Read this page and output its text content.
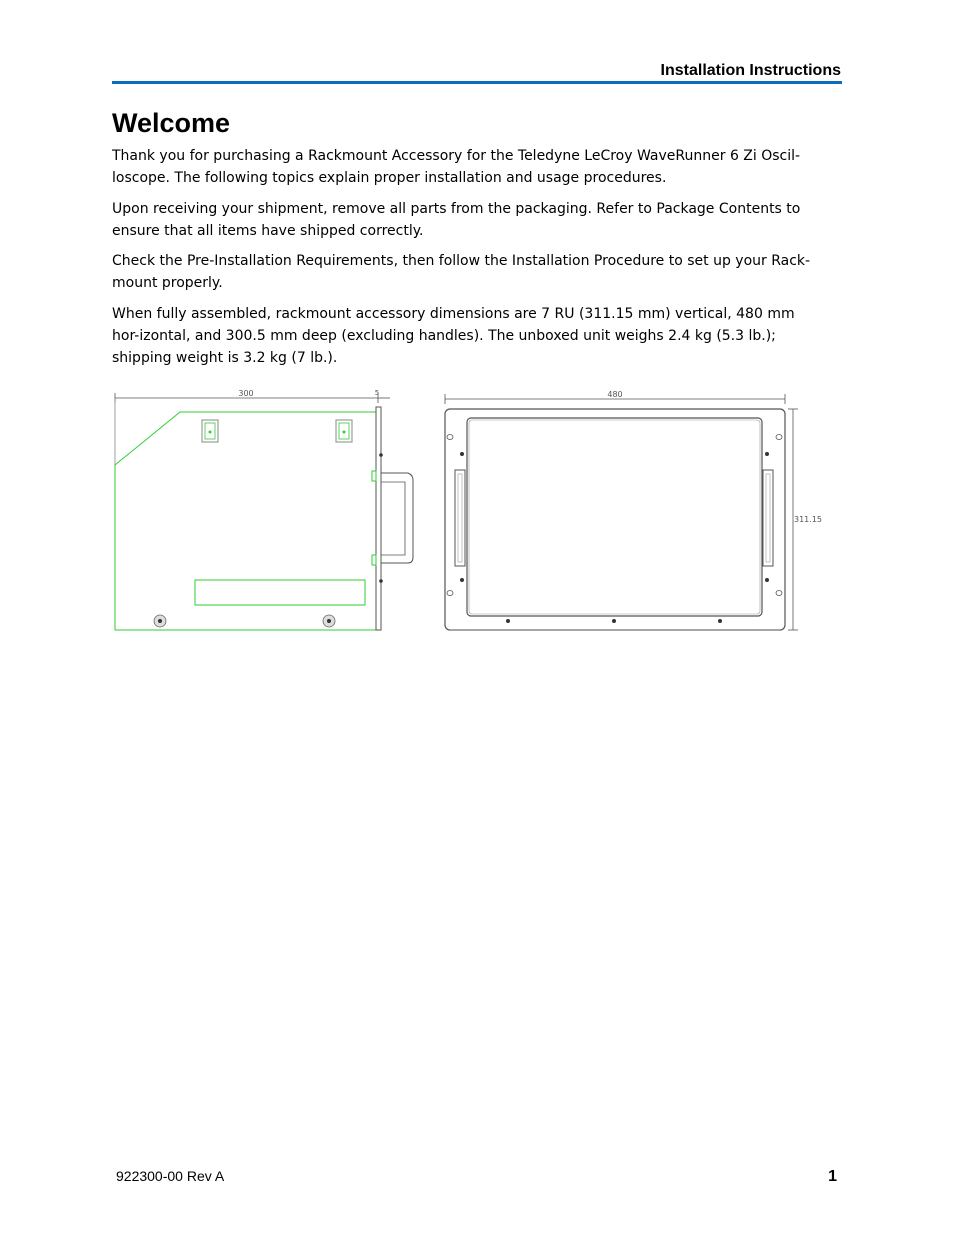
Installation Instructions
Welcome

Thank you for purchasing a Rackmount Accessory for the Teledyne LeCroy WaveRunner 6 Zi Oscil-loscope. The following topics explain proper installation and usage procedures.

Upon receiving your shipment, remove all parts from the packaging. Refer to Package Contents to ensure that all items have shipped correctly.

Check the Pre-Installation Requirements, then follow the Installation Procedure to set up your Rack-mount properly.

When fully assembled, rackmount accessory dimensions are 7 RU (311.15 mm) vertical, 480 mm hor-izontal, and 300.5 mm deep (excluding handles). The unboxed unit weighs 2.4 kg (5.3 lb.); shipping weight is 3.2 kg (7 lb.).

300	5	480
311.15
922300-00 Rev A	1
